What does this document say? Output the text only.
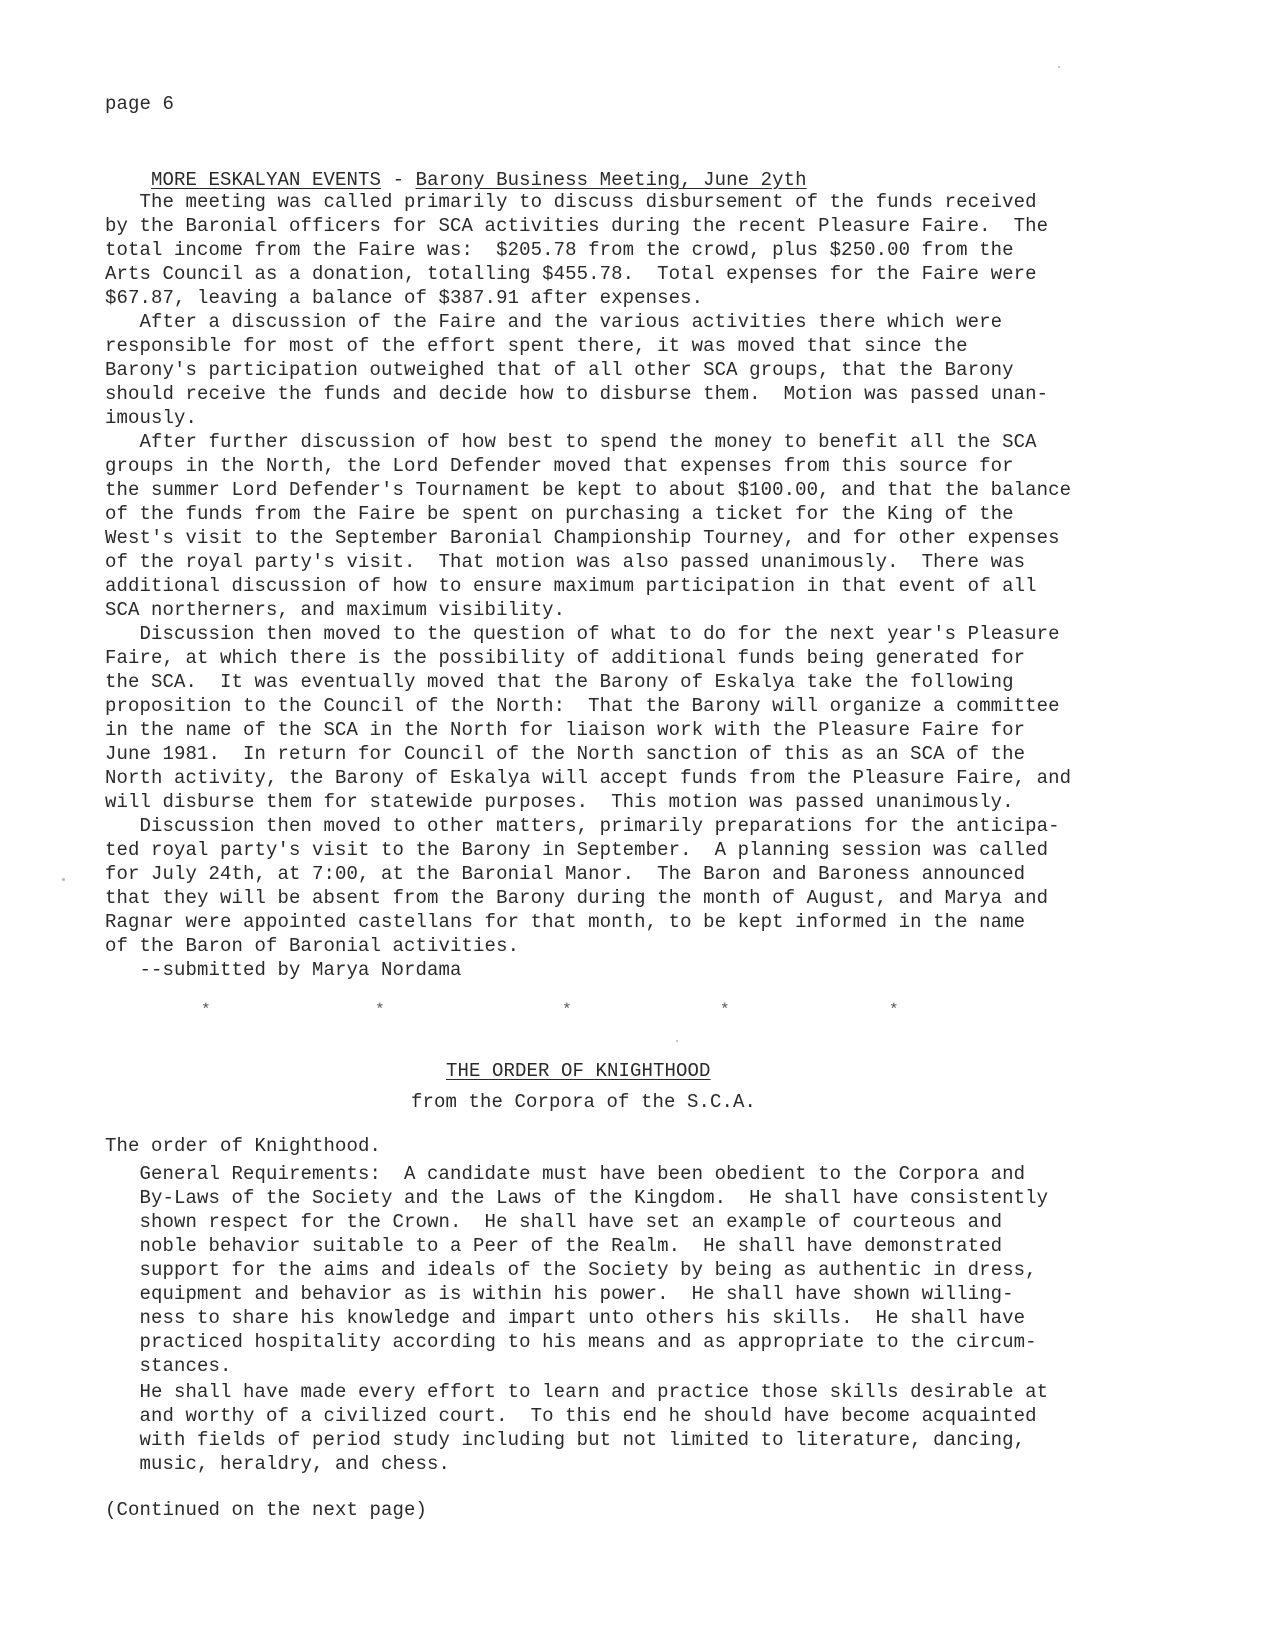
page 6

MORE ESKALYAN EVENTS - Barony Business Meeting, June 2yth

The meeting was called primarily to discuss disbursement of the funds received
by the Baronial officers for SCA activities during the recent Pleasure Faire.  The
total income from the Faire was:  $205.78 from the crowd, plus $250.00 from the
Arts Council as a donation, totalling $455.78.  Total expenses for the Faire were
$67.87, leaving a balance of $387.91 after expenses.
After a discussion of the Faire and the various activities there which were
responsible for most of the effort spent there, it was moved that since the
Barony's participation outweighed that of all other SCA groups, that the Barony
should receive the funds and decide how to disburse them.  Motion was passed unan-
imously.
After further discussion of how best to spend the money to benefit all the SCA
groups in the North, the Lord Defender moved that expenses from this source for
the summer Lord Defender's Tournament be kept to about $100.00, and that the balance
of the funds from the Faire be spent on purchasing a ticket for the King of the
West's visit to the September Baronial Championship Tourney, and for other expenses
of the royal party's visit.  That motion was also passed unanimously.  There was
additional discussion of how to ensure maximum participation in that event of all
SCA northerners, and maximum visibility.
Discussion then moved to the question of what to do for the next year's Pleasure
Faire, at which there is the possibility of additional funds being generated for
the SCA.  It was eventually moved that the Barony of Eskalya take the following
proposition to the Council of the North:  That the Barony will organize a committee
in the name of the SCA in the North for liaison work with the Pleasure Faire for
June 1981.  In return for Council of the North sanction of this as an SCA of the
North activity, the Barony of Eskalya will accept funds from the Pleasure Faire, and
will disburse them for statewide purposes.  This motion was passed unanimously.
Discussion then moved to other matters, primarily preparations for the anticipa-
ted royal party's visit to the Barony in September.  A planning session was called
for July 24th, at 7:00, at the Baronial Manor.  The Baron and Baroness announced
that they will be absent from the Barony during the month of August, and Marya and
Ragnar were appointed castellans for that month, to be kept informed in the name
of the Baron of Baronial activities.
--submitted by Marya Nordama
*	*	*	*	*
THE ORDER OF KNIGHTHOOD
from the Corpora of the S.C.A.
The order of Knighthood.
General Requirements:  A candidate must have been obedient to the Corpora and
By-Laws of the Society and the Laws of the Kingdom.  He shall have consistently
shown respect for the Crown.  He shall have set an example of courteous and
noble behavior suitable to a Peer of the Realm.  He shall have demonstrated
support for the aims and ideals of the Society by being as authentic in dress,
equipment and behavior as is within his power.  He shall have shown willing-
ness to share his knowledge and impart unto others his skills.  He shall have
practiced hospitality according to his means and as appropriate to the circum-
stances.
He shall have made every effort to learn and practice those skills desirable at
and worthy of a civilized court.  To this end he should have become acquainted
with fields of period study including but not limited to literature, dancing,
music, heraldry, and chess.
(Continued on the next page)
